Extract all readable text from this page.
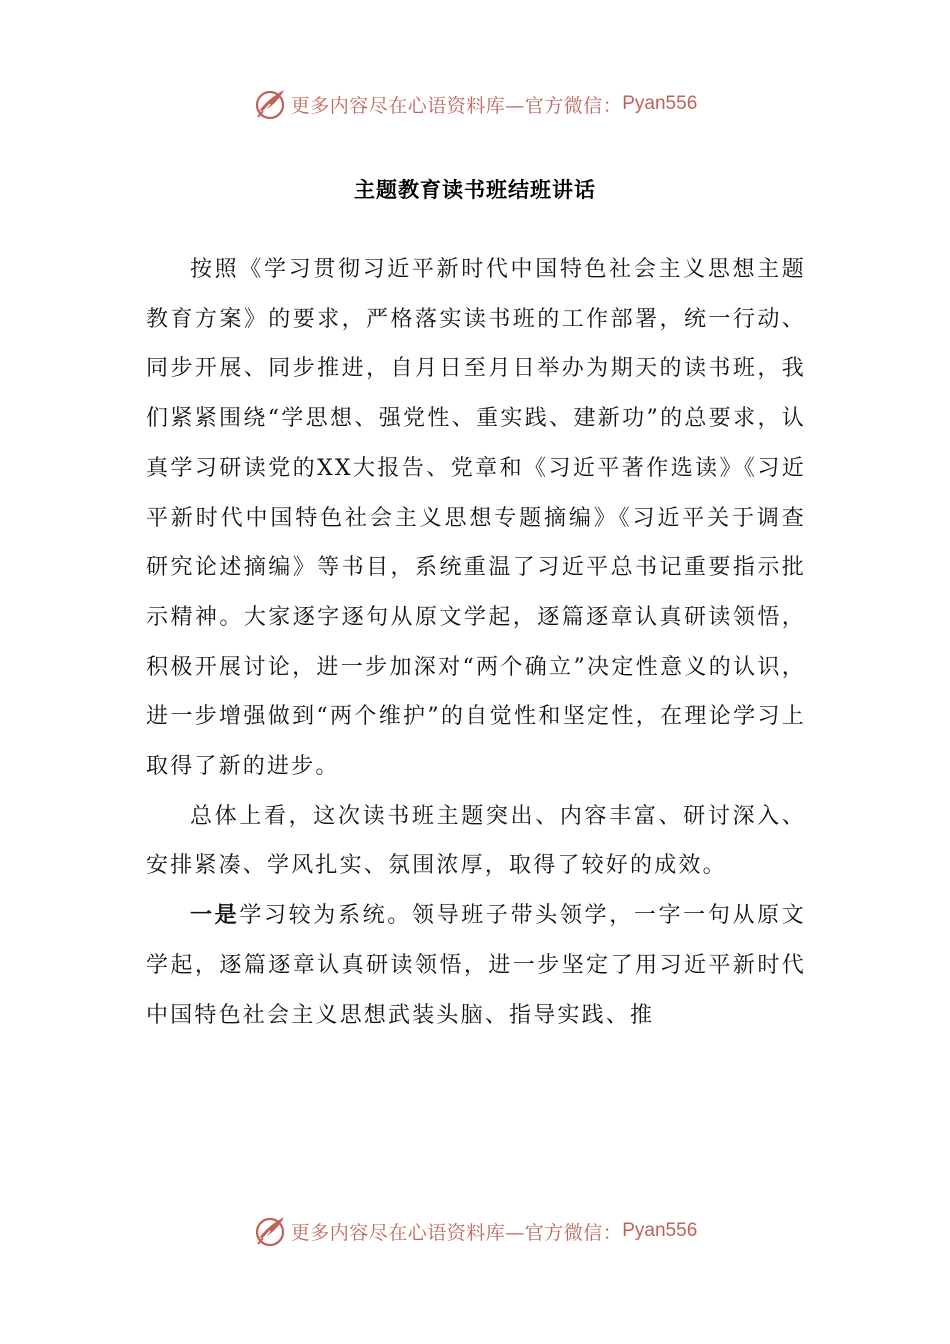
更多内容尽在心语资料库—官方微信： Pyan556
主题教育读书班结班讲话

按照《学习贯彻习近平新时代中国特色社会主义思想主题教育方案》的要求，严格落实读书班的工作部署，统一行动、同步开展、同步推进，自月日至月日举办为期天的读书班，我们紧紧围绕“学思想、强党性、重实践、建新功”的总要求，认真学习研读党的XX大报告、党章和《习近平著作选读》《习近平新时代中国特色社会主义思想专题摘编》《习近平关于调查研究论述摘编》等书目，系统重温了习近平总书记重要指示批示精神。大家逐字逐句从原文学起，逐篇逐章认真研读领悟，积极开展讨论，进一步加深对“两个确立”决定性意义的认识，进一步增强做到“两个维护”的自觉性和坚定性，在理论学习上取得了新的进步。

总体上看，这次读书班主题突出、内容丰富、研讨深入、安排紧凑、学风扎实、氛围浓厚，取得了较好的成效。

一是学习较为系统。领导班子带头领学，一字一句从原文学起，逐篇逐章认真研读领悟，进一步坚定了用习近平新时代中国特色社会主义思想武装头脑、指导实践、推

更多内容尽在心语资料库—官方微信： Pyan556
